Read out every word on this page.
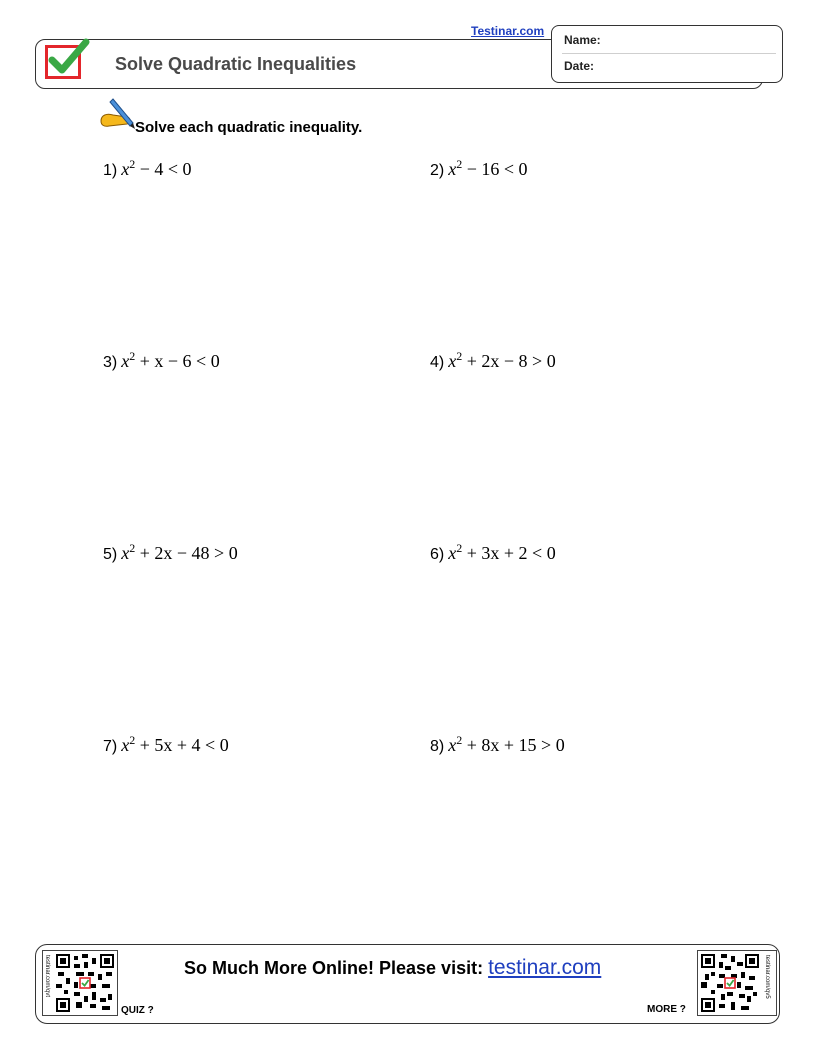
Solve Quadratic Inequalities
Testinar.com
Name:
Date:
Solve each quadratic inequality.
1) $x^2 - 4 < 0$	2) $x^2 - 16 < 0$
3) $x^2 + x - 6 < 0$	4) $x^2 + 2x - 8 > 0$
5) $x^2 + 2x - 48 > 0$	6) $x^2 + 3x + 2 < 0$
7) $x^2 + 5x + 4 < 0$	8) $x^2 + 8x + 15 > 0$
testinar.com/qvt
QUIZ ?
So Much More Online! Please visit: testinar.com
MORE ?
testinar.com/qv5
